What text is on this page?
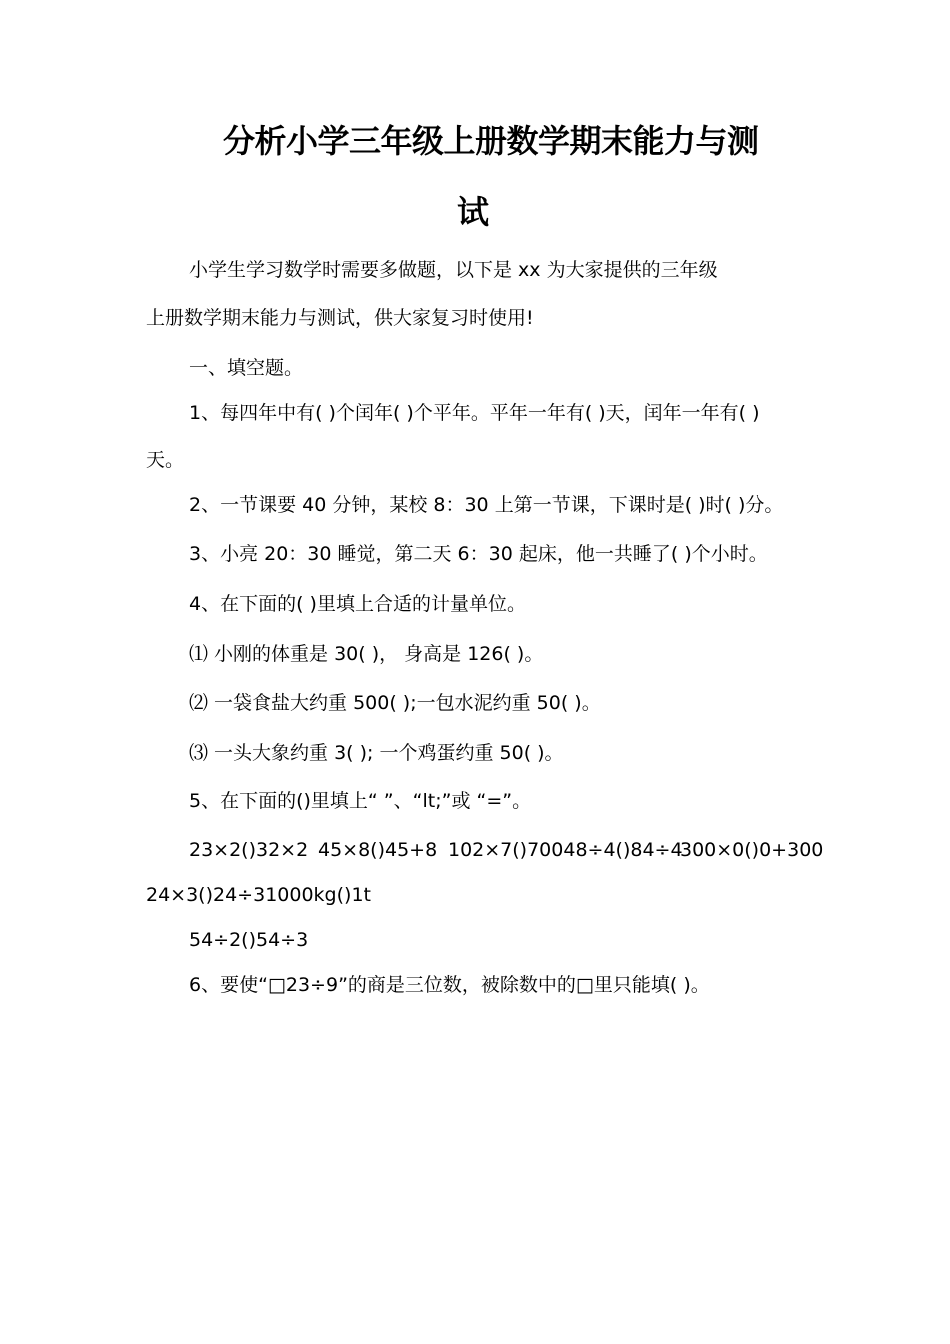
分析小学三年级上册数学期末能力与测
试
小学生学习数学时需要多做题，以下是 xx 为大家提供的三年级
上册数学期末能力与测试，供大家复习时使用!
一、填空题。
1、每四年中有( )个闰年( )个平年。平年一年有( )天，闰年一年有( )
天。
2、一节课要 40 分钟，某校 8：30 上第一节课，下课时是( )时( )分。
3、小亮 20：30 睡觉，第二天 6：30 起床，他一共睡了( )个小时。
4、在下面的( )里填上合适的计量单位。
⑴ 小刚的体重是 30( )， 身高是 126( )。
⑵ 一袋食盐大约重 500( );一包水泥约重 50( )。
⑶ 一头大象约重 3( ); 一个鸡蛋约重 50( )。
5、在下面的()里填上“ ”、“lt;”或 “=”。
23×2()32×2 45×8()45+8 102×7()70048÷4()84÷4
300×0()0+300
24×3()24÷31000kg()1t
54÷2()54÷3
6、要使“□23÷9”的商是三位数，被除数中的□里只能填( )。
